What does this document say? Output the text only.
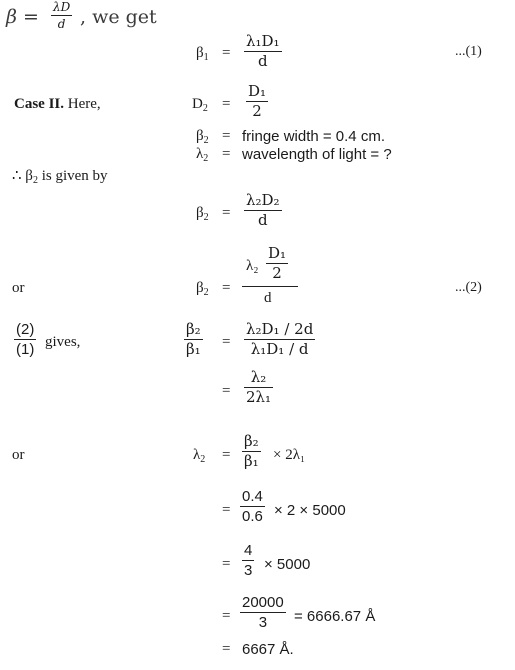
β = λD
d , we get
$\beta_1$ =
λ₁D₁
d
...(1)
Case II. Here,	$D_2$ =
D₁
2
$\beta_2$ = fringe width = 0.4 cm.
$\lambda_2$ = wavelength of light = ?
∴ $\beta_2$ is given by
$\beta_2$ =
λ₂D₂
d
or	$\beta_2$ =
λ₂
D₁
2
d
...(2)
(2)
(1) gives,
β₂
β₁ =
λ₂D₁ / 2d
λ₁D₁ / d
=
λ₂
2λ₁
or	$\lambda_2$ =
β₂
β₁ × 2λ₁
=
0.4
0.6 × 2 × 5000
=
4
3 × 5000
=
20000
3 = 6666.67 Å
= 6667 Å.
